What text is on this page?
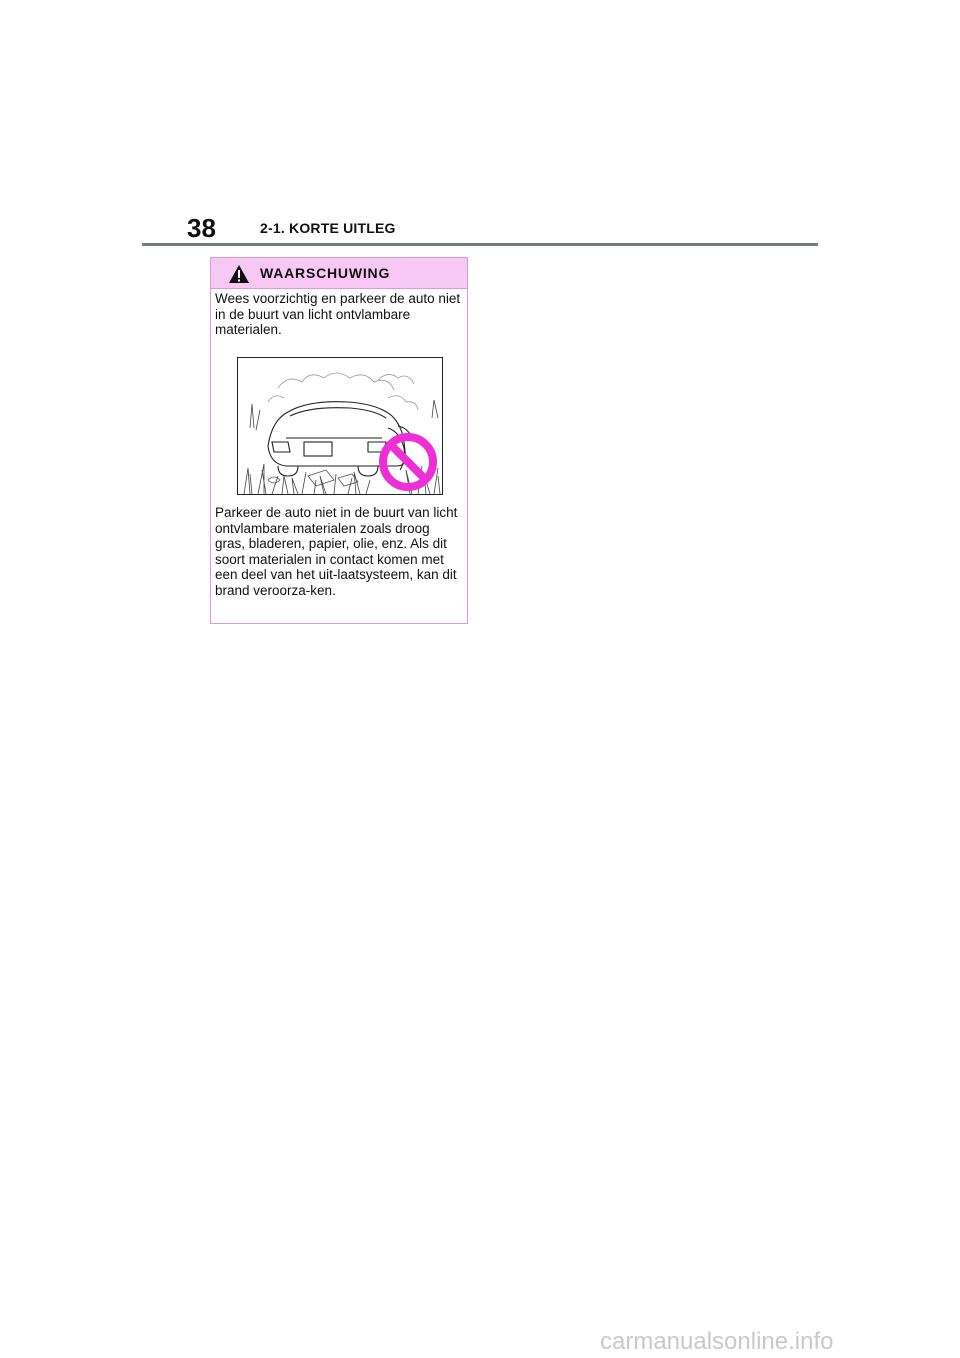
38	2-1. KORTE UITLEG
WAARSCHUWING
Wees voorzichtig en parkeer de auto niet in de buurt van licht ontvlambare materialen.
Parkeer de auto niet in de buurt van licht ontvlambare materialen zoals droog gras, bladeren, papier, olie, enz. Als dit soort materialen in contact komen met een deel van het uit-laatsysteem, kan dit brand veroorza-ken.
carmanualsonline.info
